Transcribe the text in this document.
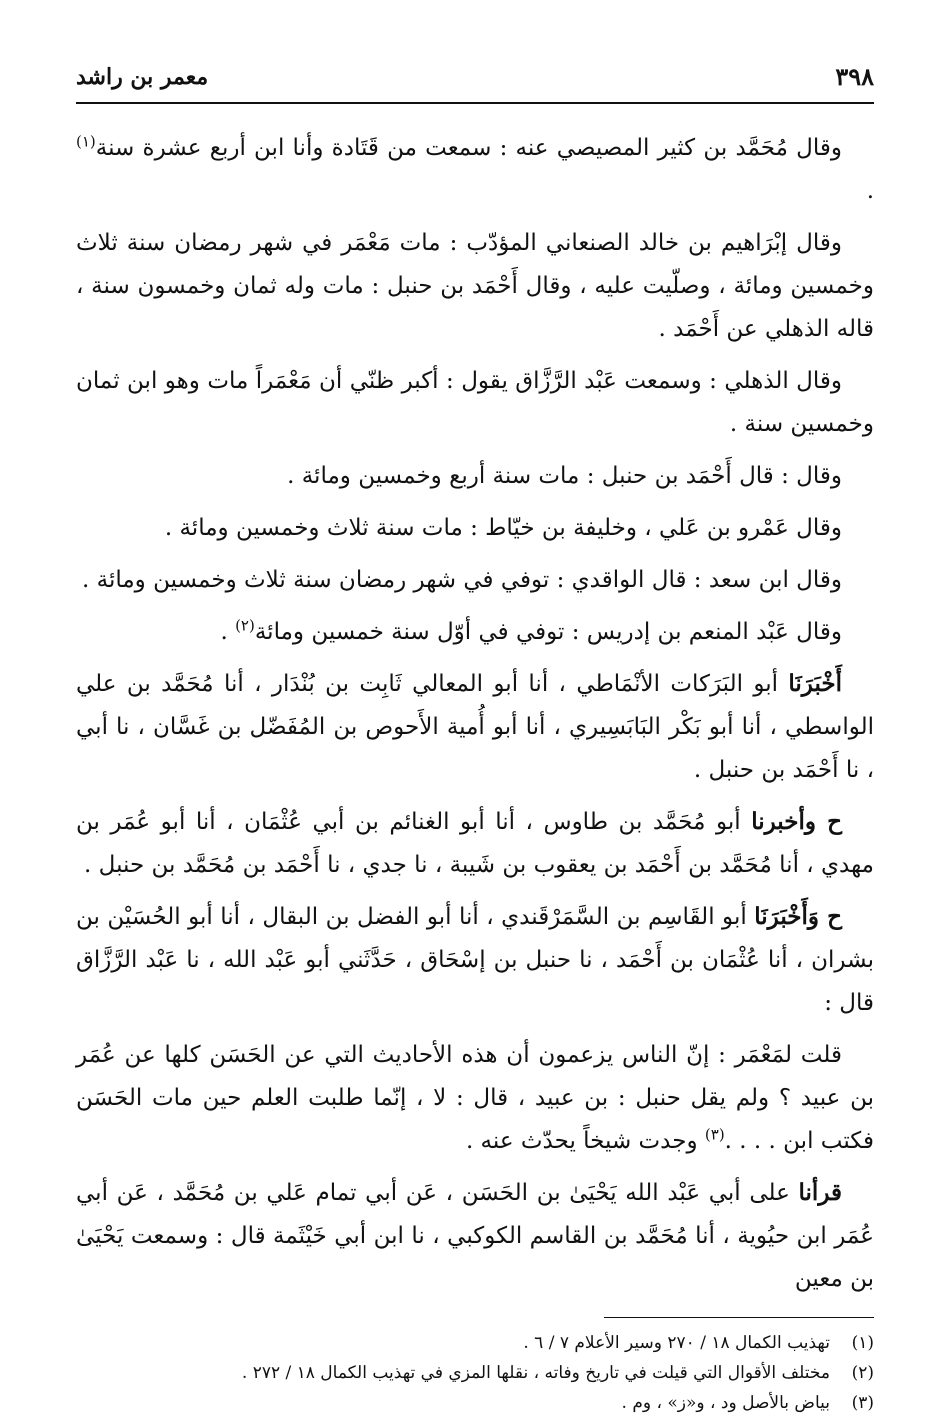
٣٩٨
معمر بن راشد

وقال مُحَمَّد بن كثير المصيصي عنه : سمعت من قَتَادة وأنا ابن أربع عشرة سنة$^{(١)}$ .

وقال إبْرَاهيم بن خالد الصنعاني المؤدّب : مات مَعْمَر في شهر رمضان سنة ثلاث وخمسين ومائة ، وصلّيت عليه ، وقال أَحْمَد بن حنبل : مات وله ثمان وخمسون سنة ، قاله الذهلي عن أَحْمَد .

وقال الذهلي : وسمعت عَبْد الرَّزَّاق يقول : أكبر ظنّي أن مَعْمَراً مات وهو ابن ثمان وخمسين سنة .

وقال : قال أَحْمَد بن حنبل : مات سنة أربع وخمسين ومائة .

وقال عَمْرو بن عَلي ، وخليفة بن خيّاط : مات سنة ثلاث وخمسين ومائة .

وقال ابن سعد : قال الواقدي : توفي في شهر رمضان سنة ثلاث وخمسين ومائة .

وقال عَبْد المنعم بن إدريس : توفي في أوّل سنة خمسين ومائة$^{(٢)}$ .

أَخْبَرَنَا أبو البَرَكات الأنْمَاطي ، أنا أبو المعالي ثَابِت بن بُنْدَار ، أنا مُحَمَّد بن علي الواسطي ، أنا أبو بَكْر البَابَسِيري ، أنا أبو أُمية الأَحوص بن المُفَضّل بن غَسَّان ، نا أبي ، نا أَحْمَد بن حنبل .

ح وأخبرنا أبو مُحَمَّد بن طاوس ، أنا أبو الغنائم بن أبي عُثْمَان ، أنا أبو عُمَر بن مهدي ، أنا مُحَمَّد بن أَحْمَد بن يعقوب بن شَيبة ، نا جدي ، نا أَحْمَد بن مُحَمَّد بن حنبل .

ح وَأَخْبَرَنَا أبو القَاسِم بن السَّمَرْقَندي ، أنا أبو الفضل بن البقال ، أنا أبو الحُسَيْن بن بشران ، أنا عُثْمَان بن أَحْمَد ، نا حنبل بن إسْحَاق ، حَدَّثَني أبو عَبْد الله ، نا عَبْد الرَّزَّاق قال :

قلت لمَعْمَر : إنّ الناس يزعمون أن هذه الأحاديث التي عن الحَسَن كلها عن عُمَر بن عبيد ؟ ولم يقل حنبل : بن عبيد ، قال : لا ، إنّما طلبت العلم حين مات الحَسَن فكتب ابن . . . .$^{(٣)}$ وجدت شيخاً يحدّث عنه .

قرأنا على أبي عَبْد الله يَحْيَىٰ بن الحَسَن ، عَن أبي تمام عَلي بن مُحَمَّد ، عَن أبي عُمَر ابن حيُوية ، أنا مُحَمَّد بن القاسم الكوكبي ، نا ابن أبي خَيْثَمة قال : وسمعت يَحْيَىٰ بن معين

(١)
تهذيب الكمال ١٨ / ٢٧٠ وسير الأعلام ٧ / ٦ .
(٢)
مختلف الأقوال التي قيلت في تاريخ وفاته ، نقلها المزي في تهذيب الكمال ١٨ / ٢٧٢ .
(٣)
بياض بالأصل ود ، و«ز» ، وم .
